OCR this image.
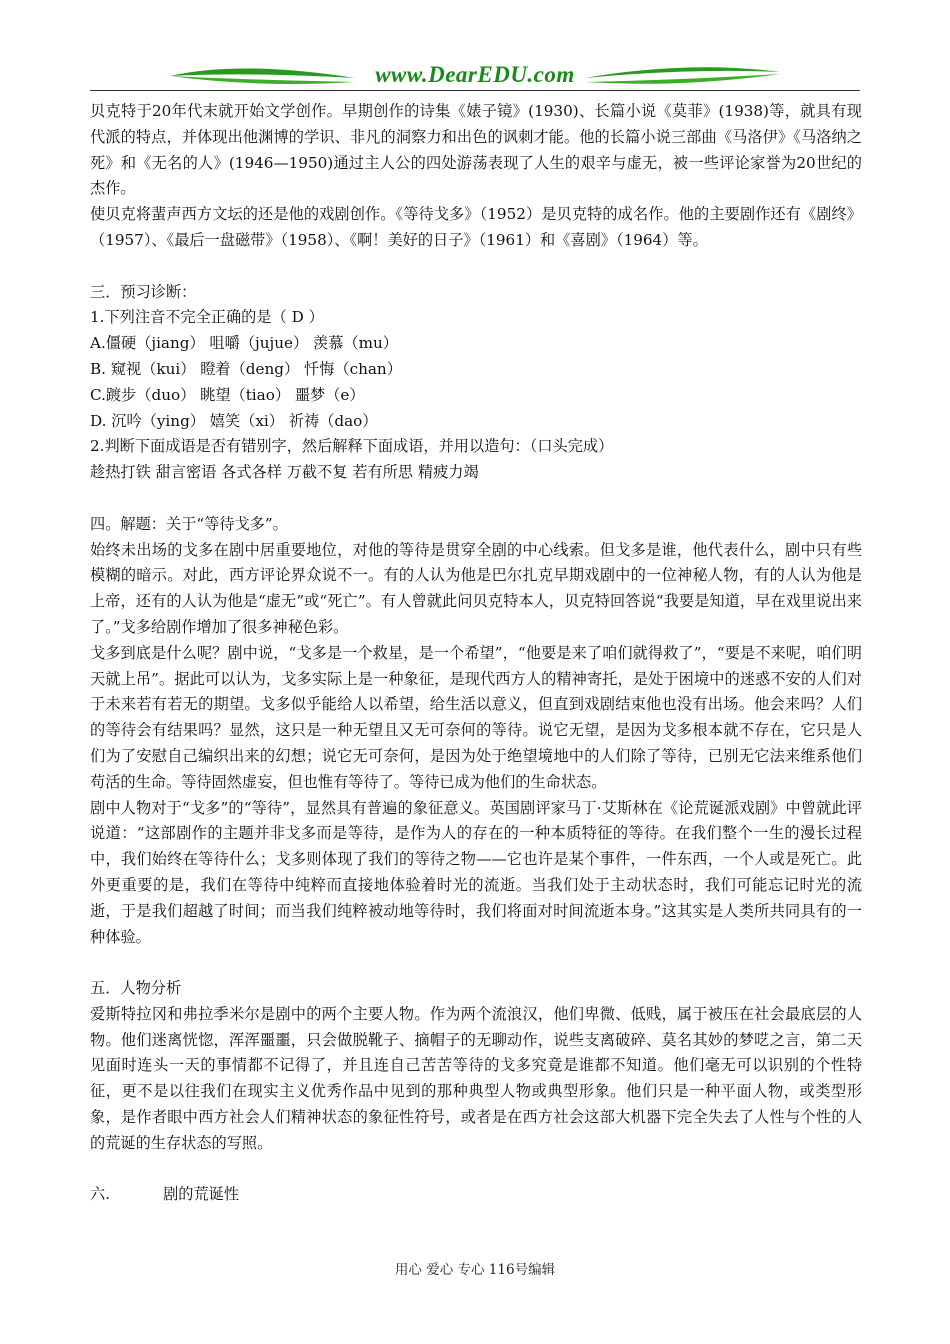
www.DearEDU.com

贝克特于20年代末就开始文学创作。早期创作的诗集《婊子镜》(1930)、长篇小说《莫菲》(1938)等，就具有现代派的特点，并体现出他渊博的学识、非凡的洞察力和出色的讽刺才能。他的长篇小说三部曲《马洛伊》《马洛纳之死》和《无名的人》(1946—1950)通过主人公的四处游荡表现了人生的艰辛与虚无，被一些评论家誉为20世纪的杰作。

使贝克将蜚声西方文坛的还是他的戏剧创作。《等待戈多》（1952）是贝克特的成名作。他的主要剧作还有《剧终》（1957）、《最后一盘磁带》（1958）、《啊！美好的日子》（1961）和《喜剧》（1964）等。

三．预习诊断：

1.下列注音不完全正确的是（ D ）

A.僵硬（jiang） 咀嚼（jujue） 羡慕（mu）

B. 窥视（kui） 瞪着（deng） 忏悔（chan）

C.踱步（duo） 眺望（tiao） 噩梦（e）

D. 沉吟（ying） 嬉笑（xi） 祈祷（dao）

2.判断下面成语是否有错别字，然后解释下面成语，并用以造句：（口头完成）

趁热打铁 甜言密语 各式各样 万截不复 若有所思 精疲力竭

四。解题：关于“等待戈多”。

始终未出场的戈多在剧中居重要地位，对他的等待是贯穿全剧的中心线索。但戈多是谁，他代表什么，剧中只有些模糊的暗示。对此，西方评论界众说不一。有的人认为他是巴尔扎克早期戏剧中的一位神秘人物，有的人认为他是上帝，还有的人认为他是“虚无”或“死亡”。有人曾就此问贝克特本人，贝克特回答说“我要是知道，早在戏里说出来了。”戈多给剧作增加了很多神秘色彩。

戈多到底是什么呢？剧中说，“戈多是一个救星，是一个希望”，“他要是来了咱们就得救了”，“要是不来呢，咱们明天就上吊”。据此可以认为，戈多实际上是一种象征，是现代西方人的精神寄托，是处于困境中的迷惑不安的人们对于未来若有若无的期望。戈多似乎能给人以希望，给生活以意义，但直到戏剧结束他也没有出场。他会来吗？人们的等待会有结果吗？显然，这只是一种无望且又无可奈何的等待。说它无望，是因为戈多根本就不存在，它只是人们为了安慰自己编织出来的幻想；说它无可奈何，是因为处于绝望境地中的人们除了等待，已别无它法来维系他们苟活的生命。等待固然虚妄，但也惟有等待了。等待已成为他们的生命状态。

剧中人物对于“戈多”的“等待”，显然具有普遍的象征意义。英国剧评家马丁·艾斯林在《论荒诞派戏剧》中曾就此评说道：“这部剧作的主题并非戈多而是等待，是作为人的存在的一种本质特征的等待。在我们整个一生的漫长过程中，我们始终在等待什么；戈多则体现了我们的等待之物——它也许是某个事件，一件东西，一个人或是死亡。此外更重要的是，我们在等待中纯粹而直接地体验着时光的流逝。当我们处于主动状态时，我们可能忘记时光的流逝，于是我们超越了时间；而当我们纯粹被动地等待时，我们将面对时间流逝本身。”这其实是人类所共同具有的一种体验。

五．人物分析

爱斯特拉冈和弗拉季米尔是剧中的两个主要人物。作为两个流浪汉，他们卑微、低贱，属于被压在社会最底层的人物。他们迷离恍惚，浑浑噩噩，只会做脱靴子、摘帽子的无聊动作，说些支离破碎、莫名其妙的梦呓之言，第二天见面时连头一天的事情都不记得了，并且连自己苦苦等待的戈多究竟是谁都不知道。他们毫无可以识别的个性特征，更不是以往我们在现实主义优秀作品中见到的那种典型人物或典型形象。他们只是一种平面人物，或类型形象，是作者眼中西方社会人们精神状态的象征性符号，或者是在西方社会这部大机器下完全失去了人性与个性的人的荒诞的生存状态的写照。

六.           剧的荒诞性

用心 爱心 专心 116号编辑
